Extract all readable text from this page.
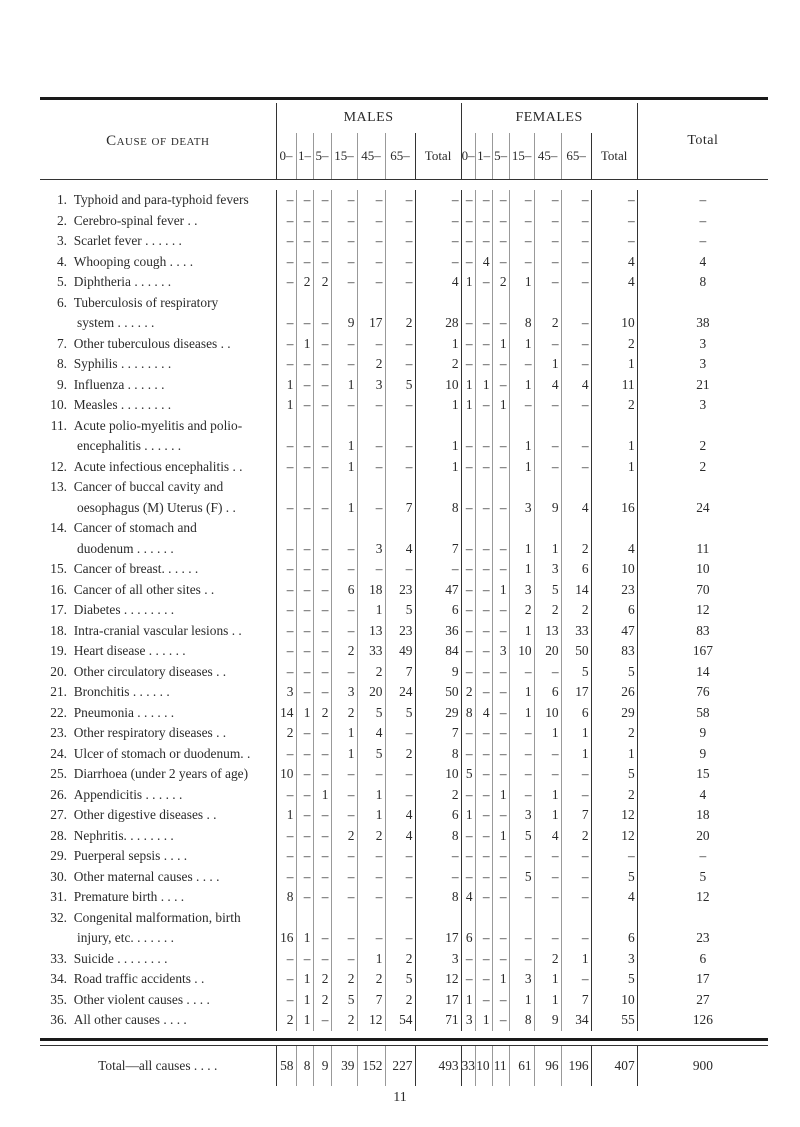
Cause of death	MALES							FEMALES							Total
	0–	1–	5–	15–	45–	65–	Total	0–	1–	5–	15–	45–	65–	Total	

1. Typhoid and para-typhoid fevers	–	–	–	–	–	–	–	–	–	–	–	–	–	–	–
2. Cerebro-spinal fever . .	–	–	–	–	–	–	–	–	–	–	–	–	–	–	–
3. Scarlet fever . . . . . .	–	–	–	–	–	–	–	–	–	–	–	–	–	–	–
4. Whooping cough . . . .	–	–	–	–	–	–	–	–	4	–	–	–	–	4	4
5. Diphtheria . . . . . .	–	2	2	–	–	–	4	1	–	2	1	–	–	4	8
6. Tuberculosis of respiratory															
system . . . . . .	–	–	–	9	17	2	28	–	–	–	8	2	–	10	38
7. Other tuberculous diseases . .	–	1	–	–	–	–	1	–	–	1	1	–	–	2	3
8. Syphilis . . . . . . . .	–	–	–	–	2	–	2	–	–	–	–	1	–	1	3
9. Influenza . . . . . .	1	–	–	1	3	5	10	1	1	–	1	4	4	11	21
10. Measles . . . . . . . .	1	–	–	–	–	–	1	1	–	1	–	–	–	2	3
11. Acute polio-myelitis and polio-															
encephalitis . . . . . .	–	–	–	1	–	–	1	–	–	–	1	–	–	1	2
12. Acute infectious encephalitis . .	–	–	–	1	–	–	1	–	–	–	1	–	–	1	2
13. Cancer of buccal cavity and															
oesophagus (M) Uterus (F) . .	–	–	–	1	–	7	8	–	–	–	3	9	4	16	24
14. Cancer of stomach and															
duodenum . . . . . .	–	–	–	–	3	4	7	–	–	–	1	1	2	4	11
15. Cancer of breast. . . . . .	–	–	–	–	–	–	–	–	–	–	1	3	6	10	10
16. Cancer of all other sites . .	–	–	–	6	18	23	47	–	–	1	3	5	14	23	70
17. Diabetes . . . . . . . .	–	–	–	–	1	5	6	–	–	–	2	2	2	6	12
18. Intra-cranial vascular lesions . .	–	–	–	–	13	23	36	–	–	–	1	13	33	47	83
19. Heart disease . . . . . .	–	–	–	2	33	49	84	–	–	3	10	20	50	83	167
20. Other circulatory diseases . .	–	–	–	–	2	7	9	–	–	–	–	–	5	5	14
21. Bronchitis . . . . . .	3	–	–	3	20	24	50	2	–	–	1	6	17	26	76
22. Pneumonia . . . . . .	14	1	2	2	5	5	29	8	4	–	1	10	6	29	58
23. Other respiratory diseases . .	2	–	–	1	4	–	7	–	–	–	–	1	1	2	9
24. Ulcer of stomach or duodenum. .	–	–	–	1	5	2	8	–	–	–	–	–	1	1	9
25. Diarrhoea (under 2 years of age)	10	–	–	–	–	–	10	5	–	–	–	–	–	5	15
26. Appendicitis . . . . . .	–	–	1	–	1	–	2	–	–	1	–	1	–	2	4
27. Other digestive diseases . .	1	–	–	–	1	4	6	1	–	–	3	1	7	12	18
28. Nephritis. . . . . . . .	–	–	–	2	2	4	8	–	–	1	5	4	2	12	20
29. Puerperal sepsis . . . .	–	–	–	–	–	–	–	–	–	–	–	–	–	–	–
30. Other maternal causes . . . .	–	–	–	–	–	–	–	–	–	–	5	–	–	5	5
31. Premature birth . . . .	8	–	–	–	–	–	8	4	–	–	–	–	–	4	12
32. Congenital malformation, birth															
injury, etc. . . . . . .	16	1	–	–	–	–	17	6	–	–	–	–	–	6	23
33. Suicide . . . . . . . .	–	–	–	–	1	2	3	–	–	–	–	2	1	3	6
34. Road traffic accidents . .	–	1	2	2	2	5	12	–	–	1	3	1	–	5	17
35. Other violent causes . . . .	–	1	2	5	7	2	17	1	–	–	1	1	7	10	27
36. All other causes . . . .	2	1	–	2	12	54	71	3	1	–	8	9	34	55	126

Total—all causes . . . .	58	8	9	39	152	227	493	33	10	11	61	96	196	407	900
11
